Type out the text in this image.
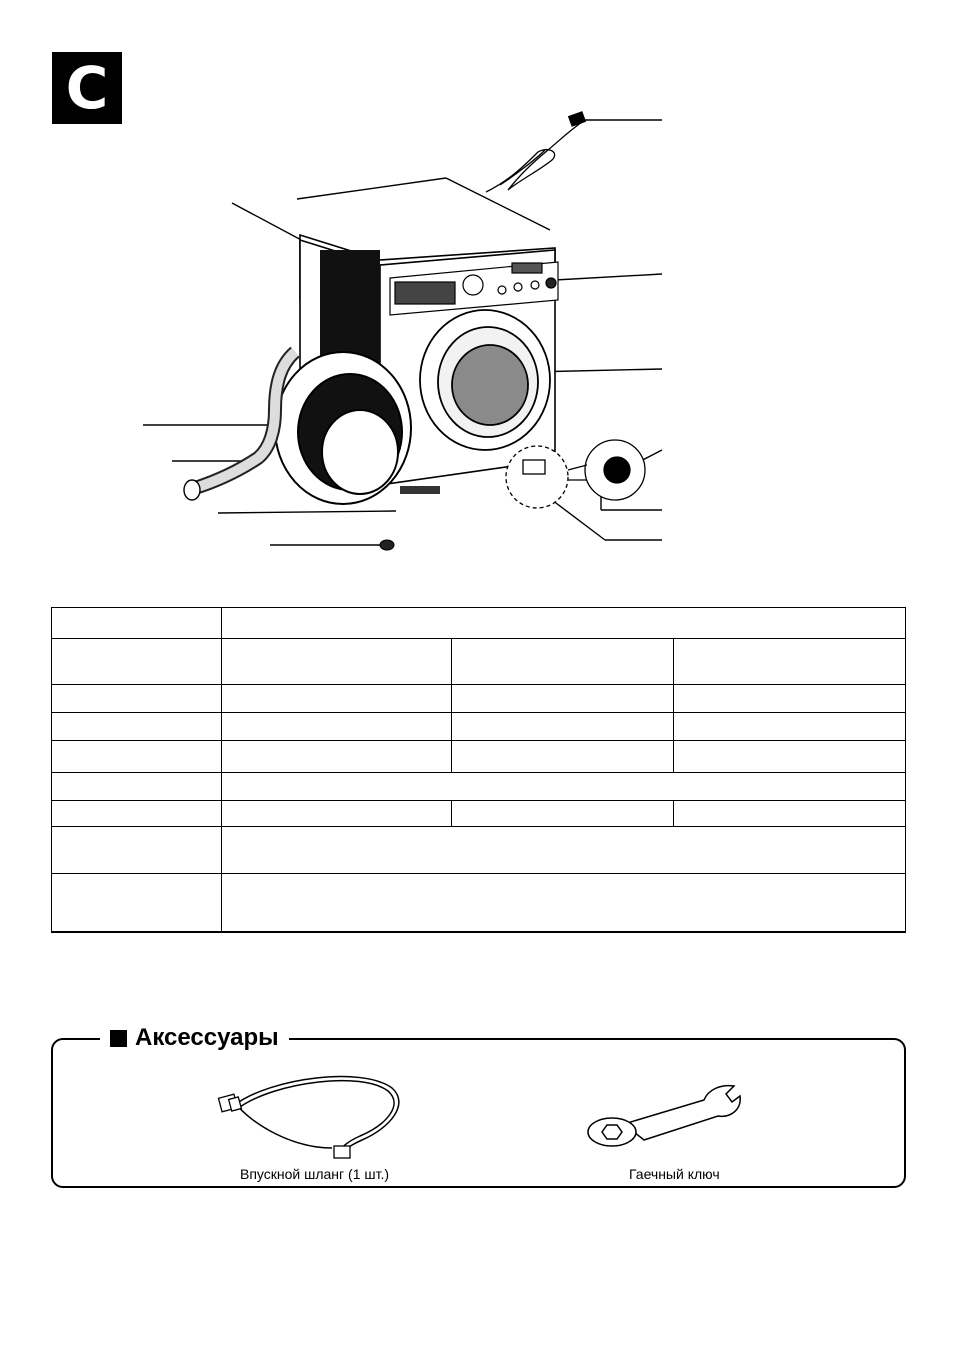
C

Аксессуары
Впускной шланг (1 шт.)	Гаечный ключ
